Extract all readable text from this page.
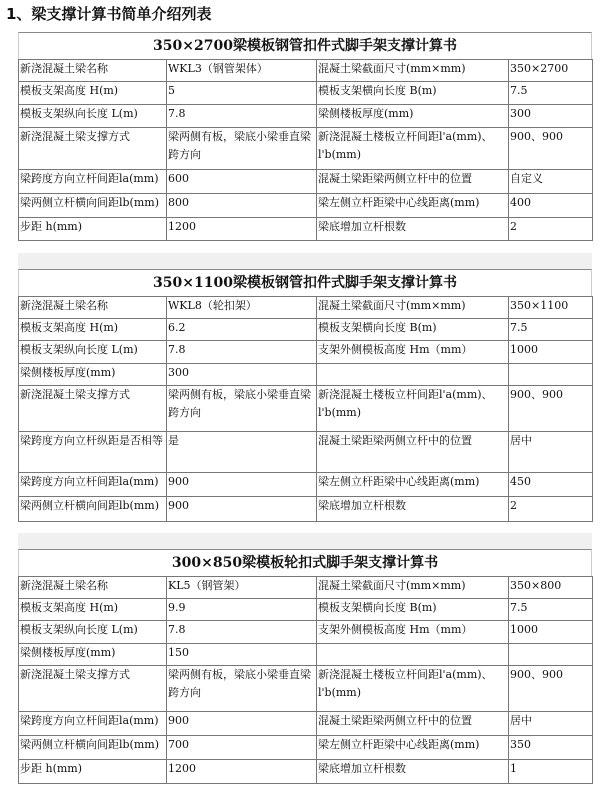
1、梁支撑计算书简单介绍列表
350×2700梁模板钢管扣件式脚手架支撑计算书
新浇混凝土梁名称	WKL3（钢管架体）	混凝土梁截面尺寸(mm×mm)	350×2700
模板支架高度 H(m)	5	模板支架横向长度 B(m)	7.5
模板支架纵向长度 L(m)	7.8	梁侧楼板厚度(mm)	300
新浇混凝土梁支撑方式	梁两侧有板，梁底小梁垂直梁跨方向	新浇混凝土楼板立杆间距l'a(mm)、l'b(mm)	900、900
梁跨度方向立杆间距la(mm)	600	混凝土梁距梁两侧立杆中的位置	自定义
梁两侧立杆横向间距lb(mm)	800	梁左侧立杆距梁中心线距离(mm)	400
步距 h(mm)	1200	梁底增加立杆根数	2
350×1100梁模板钢管扣件式脚手架支撑计算书
新浇混凝土梁名称	WKL8（轮扣架）	混凝土梁截面尺寸(mm×mm)	350×1100
模板支架高度 H(m)	6.2	模板支架横向长度 B(m)	7.5
模板支架纵向长度 L(m)	7.8	支架外侧模板高度 Hm（mm）	1000
梁侧楼板厚度(mm)	300		
新浇混凝土梁支撑方式	梁两侧有板，梁底小梁垂直梁跨方向	新浇混凝土楼板立杆间距l'a(mm)、l'b(mm)	900、900
梁跨度方向立杆纵距是否相等	是	混凝土梁距梁两侧立杆中的位置	居中
梁跨度方向立杆间距la(mm)	900	梁左侧立杆距梁中心线距离(mm)	450
梁两侧立杆横向间距lb(mm)	900	梁底增加立杆根数	2
300×850梁模板轮扣式脚手架支撑计算书
新浇混凝土梁名称	KL5（钢管架）	混凝土梁截面尺寸(mm×mm)	350×800
模板支架高度 H(m)	9.9	模板支架横向长度 B(m)	7.5
模板支架纵向长度 L(m)	7.8	支架外侧模板高度 Hm（mm）	1000
梁侧楼板厚度(mm)	150		
新浇混凝土梁支撑方式	梁两侧有板，梁底小梁垂直梁跨方向	新浇混凝土楼板立杆间距l'a(mm)、l'b(mm)	900、900
梁跨度方向立杆间距la(mm)	900	混凝土梁距梁两侧立杆中的位置	居中
梁两侧立杆横向间距lb(mm)	700	梁左侧立杆距梁中心线距离(mm)	350
步距 h(mm)	1200	梁底增加立杆根数	1
